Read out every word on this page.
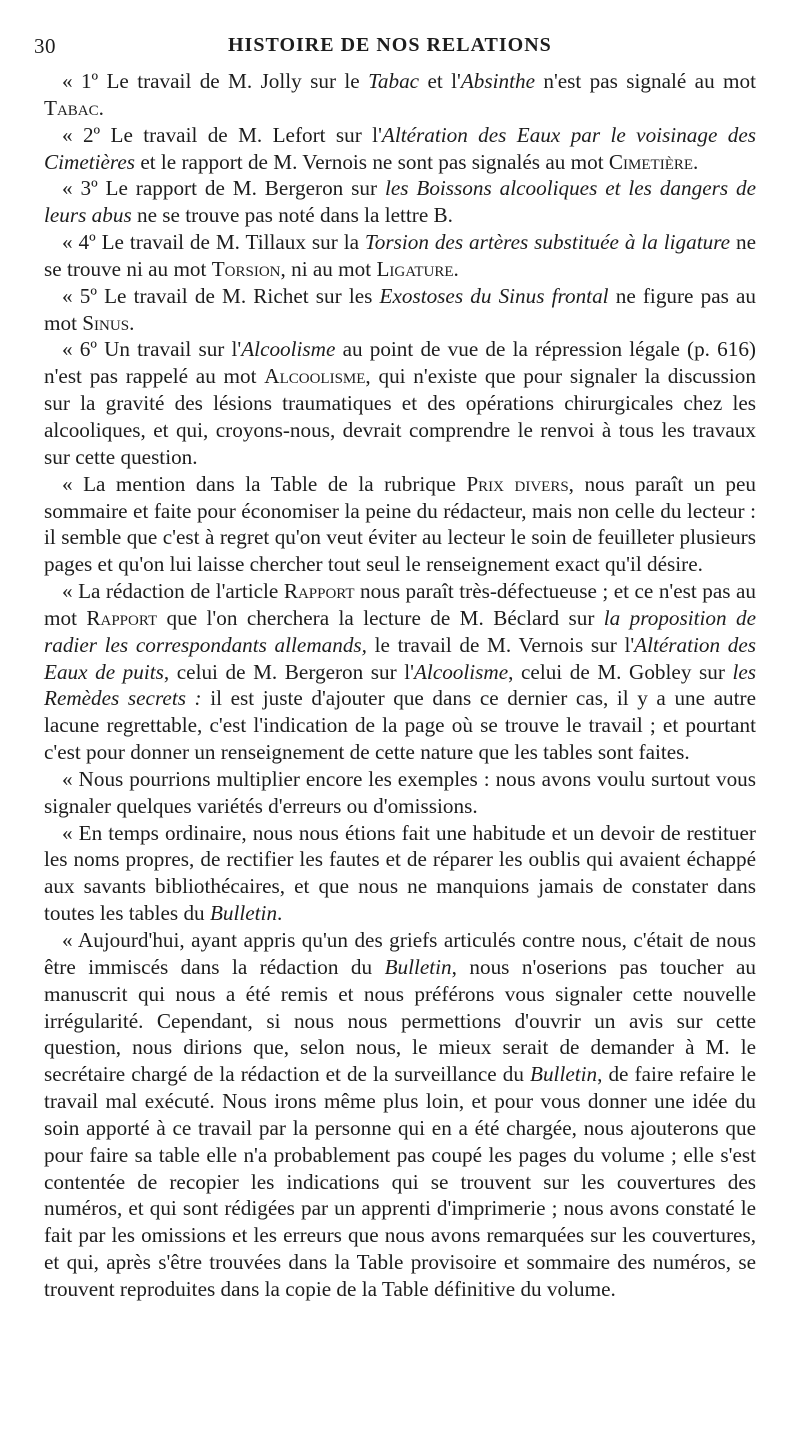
30	HISTOIRE DE NOS RELATIONS

« 1º Le travail de M. Jolly sur le Tabac et l'Absinthe n'est pas signalé au mot Tabac.

« 2º Le travail de M. Lefort sur l'Altération des Eaux par le voisinage des Cimetières et le rapport de M. Vernois ne sont pas signalés au mot Cimetière.

« 3º Le rapport de M. Bergeron sur les Boissons alcooliques et les dangers de leurs abus ne se trouve pas noté dans la lettre B.

« 4º Le travail de M. Tillaux sur la Torsion des artères substituée à la ligature ne se trouve ni au mot Torsion, ni au mot Ligature.

« 5º Le travail de M. Richet sur les Exostoses du Sinus frontal ne figure pas au mot Sinus.

« 6º Un travail sur l'Alcoolisme au point de vue de la répression légale (p. 616) n'est pas rappelé au mot Alcoolisme, qui n'existe que pour signaler la discussion sur la gravité des lésions traumatiques et des opérations chirurgicales chez les alcooliques, et qui, croyons-nous, devrait comprendre le renvoi à tous les travaux sur cette question.

« La mention dans la Table de la rubrique Prix divers, nous paraît un peu sommaire et faite pour économiser la peine du rédacteur, mais non celle du lecteur : il semble que c'est à regret qu'on veut éviter au lecteur le soin de feuilleter plusieurs pages et qu'on lui laisse chercher tout seul le renseignement exact qu'il désire.

« La rédaction de l'article Rapport nous paraît très-défectueuse ; et ce n'est pas au mot Rapport que l'on cherchera la lecture de M. Béclard sur la proposition de radier les correspondants allemands, le travail de M. Vernois sur l'Altération des Eaux de puits, celui de M. Bergeron sur l'Alcoolisme, celui de M. Gobley sur les Remèdes secrets : il est juste d'ajouter que dans ce dernier cas, il y a une autre lacune regrettable, c'est l'indication de la page où se trouve le travail ; et pourtant c'est pour donner un renseignement de cette nature que les tables sont faites.

« Nous pourrions multiplier encore les exemples : nous avons voulu surtout vous signaler quelques variétés d'erreurs ou d'omissions.

« En temps ordinaire, nous nous étions fait une habitude et un devoir de restituer les noms propres, de rectifier les fautes et de réparer les oublis qui avaient échappé aux savants bibliothécaires, et que nous ne manquions jamais de constater dans toutes les tables du Bulletin.

« Aujourd'hui, ayant appris qu'un des griefs articulés contre nous, c'était de nous être immiscés dans la rédaction du Bulletin, nous n'oserions pas toucher au manuscrit qui nous a été remis et nous préférons vous signaler cette nouvelle irrégularité. Cependant, si nous nous permettions d'ouvrir un avis sur cette question, nous dirions que, selon nous, le mieux serait de demander à M. le secrétaire chargé de la rédaction et de la surveillance du Bulletin, de faire refaire le travail mal exécuté. Nous irons même plus loin, et pour vous donner une idée du soin apporté à ce travail par la personne qui en a été chargée, nous ajouterons que pour faire sa table elle n'a probablement pas coupé les pages du volume ; elle s'est contentée de recopier les indications qui se trouvent sur les couvertures des numéros, et qui sont rédigées par un apprenti d'imprimerie ; nous avons constaté le fait par les omissions et les erreurs que nous avons remarquées sur les couvertures, et qui, après s'être trouvées dans la Table provisoire et sommaire des numéros, se trouvent reproduites dans la copie de la Table définitive du volume.
